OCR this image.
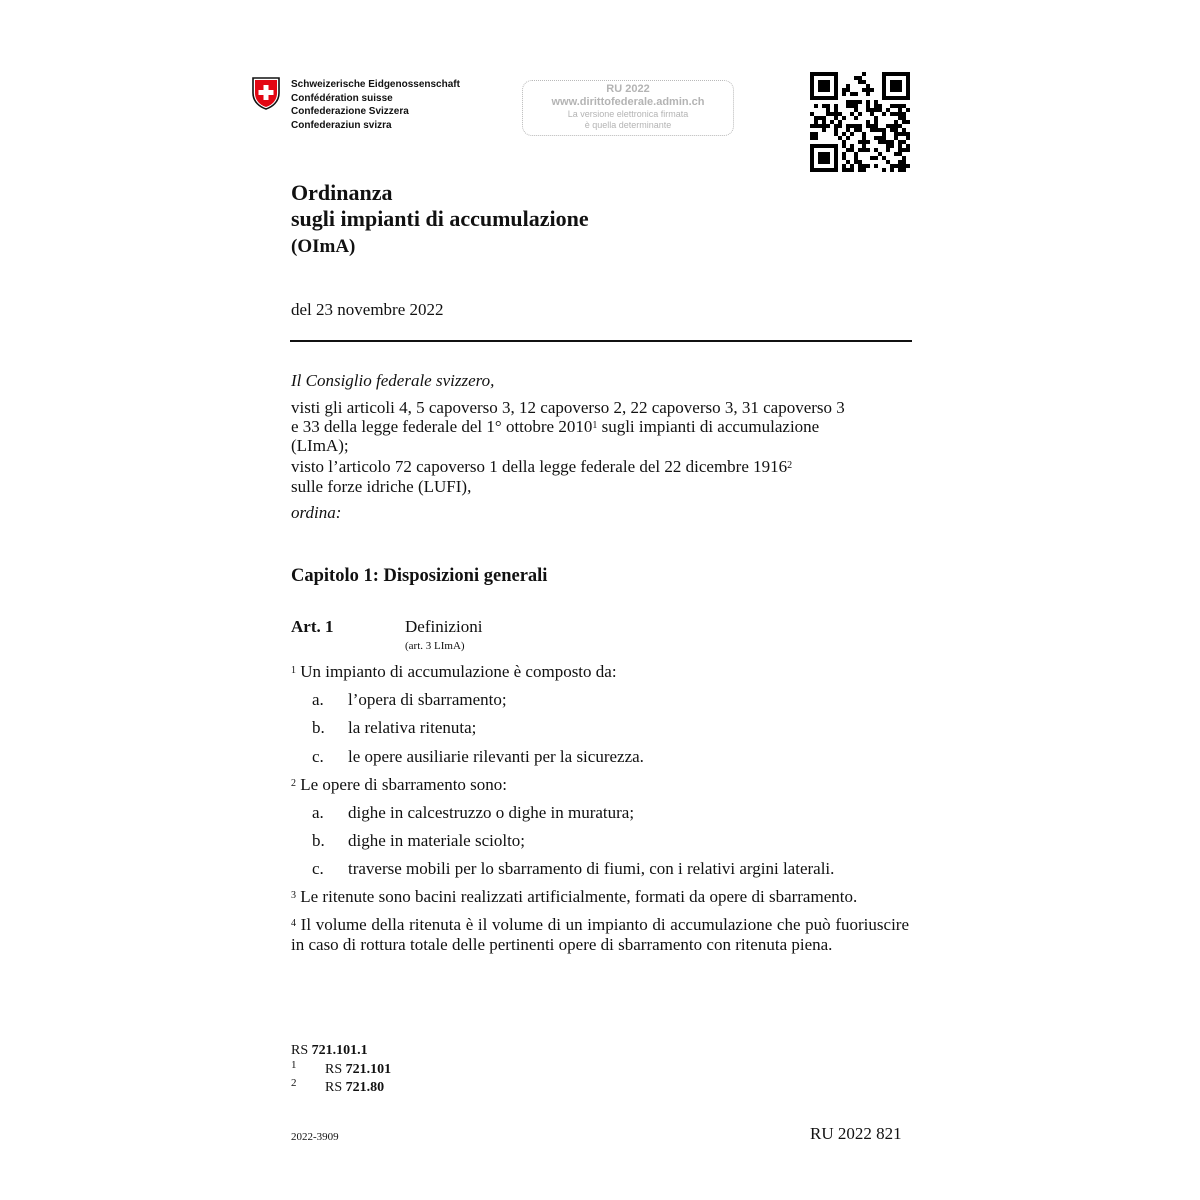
Schweizerische Eidgenossenschaft
Confédération suisse
Confederazione Svizzera
Confederaziun svizra
RU 2022
www.dirittofederale.admin.ch
La versione elettronica firmata
è quella determinante
Ordinanza
sugli impianti di accumulazione
(OImA)
del 23 novembre 2022
Il Consiglio federale svizzero,
visti gli articoli 4, 5 capoverso 3, 12 capoverso 2, 22 capoverso 3, 31 capoverso 3
e 33 della legge federale del 1° ottobre 2010$^1$ sugli impianti di accumulazione
(LImA);
visto l’articolo 72 capoverso 1 della legge federale del 22 dicembre 1916$^2$
sulle forze idriche (LUFI),
ordina:
Capitolo 1: Disposizioni generali
Art. 1	Definizioni
(art. 3 LImA)
$^1$ Un impianto di accumulazione è composto da:
a. l’opera di sbarramento;
b. la relativa ritenuta;
c. le opere ausiliarie rilevanti per la sicurezza.
$^2$ Le opere di sbarramento sono:
a. dighe in calcestruzzo o dighe in muratura;
b. dighe in materiale sciolto;
c. traverse mobili per lo sbarramento di fiumi, con i relativi argini laterali.
$^3$ Le ritenute sono bacini realizzati artificialmente, formati da opere di sbarramento.
$^4$ Il volume della ritenuta è il volume di un impianto di accumulazione che può fuoriuscire in caso di rottura totale delle pertinenti opere di sbarramento con ritenuta piena.
RS 721.101.1
1 RS 721.101
2 RS 721.80
2022-3909	RU 2022 821
